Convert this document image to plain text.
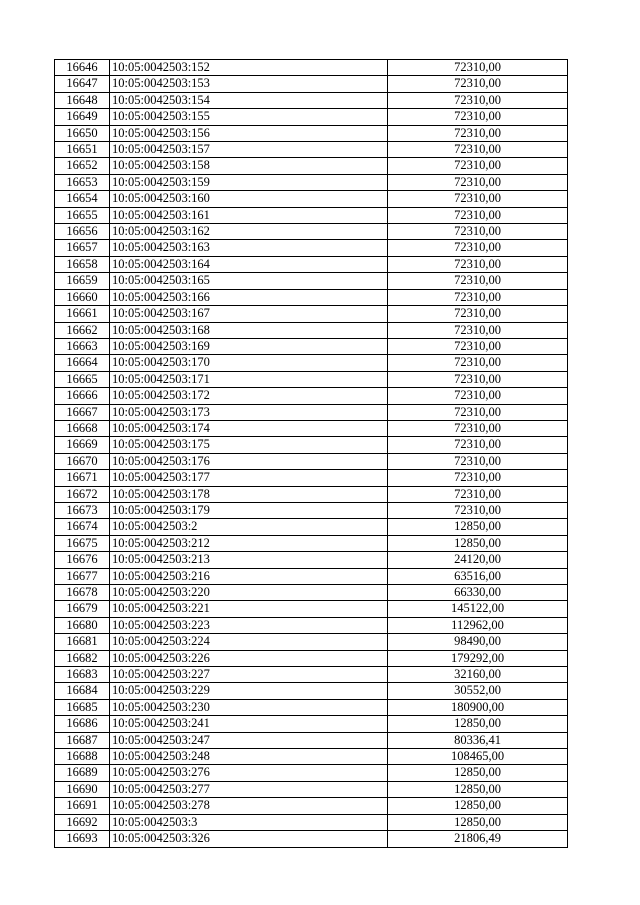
16646	10:05:0042503:152	72310,00
16647	10:05:0042503:153	72310,00
16648	10:05:0042503:154	72310,00
16649	10:05:0042503:155	72310,00
16650	10:05:0042503:156	72310,00
16651	10:05:0042503:157	72310,00
16652	10:05:0042503:158	72310,00
16653	10:05:0042503:159	72310,00
16654	10:05:0042503:160	72310,00
16655	10:05:0042503:161	72310,00
16656	10:05:0042503:162	72310,00
16657	10:05:0042503:163	72310,00
16658	10:05:0042503:164	72310,00
16659	10:05:0042503:165	72310,00
16660	10:05:0042503:166	72310,00
16661	10:05:0042503:167	72310,00
16662	10:05:0042503:168	72310,00
16663	10:05:0042503:169	72310,00
16664	10:05:0042503:170	72310,00
16665	10:05:0042503:171	72310,00
16666	10:05:0042503:172	72310,00
16667	10:05:0042503:173	72310,00
16668	10:05:0042503:174	72310,00
16669	10:05:0042503:175	72310,00
16670	10:05:0042503:176	72310,00
16671	10:05:0042503:177	72310,00
16672	10:05:0042503:178	72310,00
16673	10:05:0042503:179	72310,00
16674	10:05:0042503:2	12850,00
16675	10:05:0042503:212	12850,00
16676	10:05:0042503:213	24120,00
16677	10:05:0042503:216	63516,00
16678	10:05:0042503:220	66330,00
16679	10:05:0042503:221	145122,00
16680	10:05:0042503:223	112962,00
16681	10:05:0042503:224	98490,00
16682	10:05:0042503:226	179292,00
16683	10:05:0042503:227	32160,00
16684	10:05:0042503:229	30552,00
16685	10:05:0042503:230	180900,00
16686	10:05:0042503:241	12850,00
16687	10:05:0042503:247	80336,41
16688	10:05:0042503:248	108465,00
16689	10:05:0042503:276	12850,00
16690	10:05:0042503:277	12850,00
16691	10:05:0042503:278	12850,00
16692	10:05:0042503:3	12850,00
16693	10:05:0042503:326	21806,49
